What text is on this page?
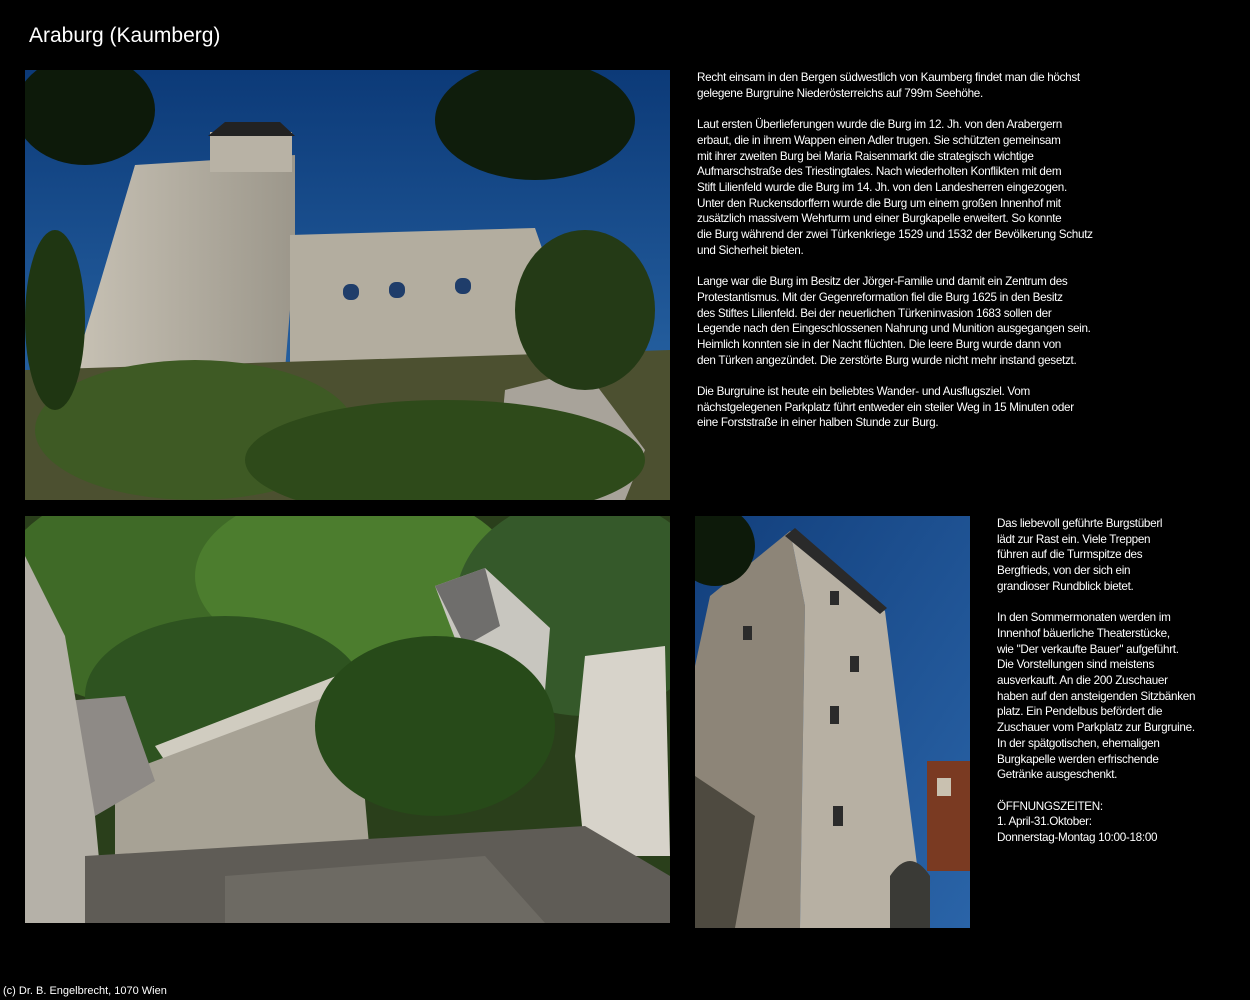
Araburg (Kaumberg)

Recht einsam in den Bergen südwestlich von Kaumberg findet man die höchst
gelegene Burgruine Niederösterreichs auf 799m Seehöhe.

Laut ersten Überlieferungen wurde die Burg im 12. Jh. von den Arabergern
erbaut, die in ihrem Wappen einen Adler trugen. Sie schützten gemeinsam
mit ihrer zweiten Burg bei Maria Raisenmarkt die strategisch wichtige
Aufmarschstraße des Triestingtales. Nach wiederholten Konflikten mit dem
Stift Lilienfeld wurde die Burg im 14. Jh. von den Landesherren eingezogen.
Unter den Ruckensdorffern wurde die Burg um einem großen Innenhof mit
zusätzlich massivem Wehrturm und einer Burgkapelle erweitert. So konnte
die Burg während der zwei Türkenkriege 1529 und 1532 der Bevölkerung Schutz
und Sicherheit bieten.

Lange war die Burg im Besitz der Jörger-Familie und damit ein Zentrum des
Protestantismus. Mit der Gegenreformation fiel die Burg 1625 in den Besitz
des Stiftes Lilienfeld. Bei der neuerlichen Türkeninvasion 1683 sollen der
Legende nach den Eingeschlossenen Nahrung und Munition ausgegangen sein.
Heimlich konnten sie in der Nacht flüchten. Die leere Burg wurde dann von
den Türken angezündet. Die zerstörte Burg wurde nicht mehr instand gesetzt.

Die Burgruine ist heute ein beliebtes Wander- und Ausflugsziel. Vom
nächstgelegenen Parkplatz führt entweder ein steiler Weg in 15 Minuten oder
eine Forststraße in einer halben Stunde zur Burg.

Das liebevoll geführte Burgstüberl
lädt zur Rast ein. Viele Treppen
führen auf die Turmspitze des
Bergfrieds, von der sich ein
grandioser Rundblick bietet.

In den Sommermonaten werden im
Innenhof bäuerliche Theaterstücke,
wie "Der verkaufte Bauer" aufgeführt.
Die Vorstellungen sind meistens
ausverkauft. An die 200 Zuschauer
haben auf den ansteigenden Sitzbänken
platz. Ein Pendelbus befördert die
Zuschauer vom Parkplatz zur Burgruine.
In der spätgotischen, ehemaligen
Burgkapelle werden erfrischende
Getränke ausgeschenkt.

ÖFFNUNGSZEITEN:
1. April-31.Oktober:
Donnerstag-Montag 10:00-18:00

(c) Dr. B. Engelbrecht, 1070 Wien
